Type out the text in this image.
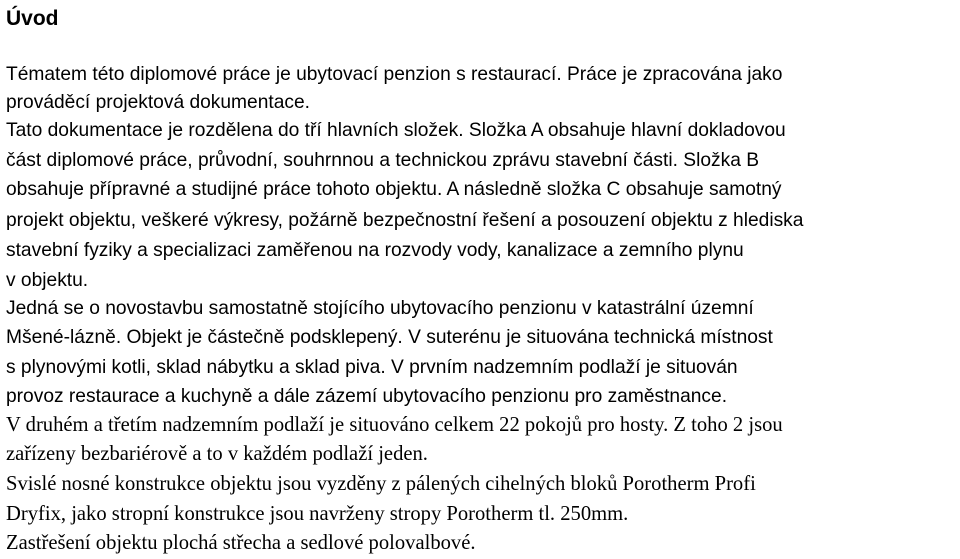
Úvod

Tématem této diplomové práce je ubytovací penzion s restaurací. Práce je zpracována jako

prováděcí projektová dokumentace.

Tato dokumentace je rozdělena do tří hlavních složek. Složka A obsahuje hlavní dokladovou

část diplomové práce, průvodní, souhrnnou a technickou zprávu stavební části. Složka B

obsahuje přípravné a studijné práce tohoto objektu. A následně složka C obsahuje samotný

projekt objektu, veškeré výkresy, požárně bezpečnostní řešení a posouzení objektu z hlediska

stavební fyziky a specializaci zaměřenou na rozvody vody, kanalizace a zemního plynu

v objektu.

Jedná se o novostavbu samostatně stojícího ubytovacího penzionu v katastrální územní

Mšené-lázně. Objekt je částečně podsklepený. V suterénu je situována technická místnost

s plynovými kotli, sklad nábytku a sklad piva. V prvním nadzemním podlaží je situován

provoz restaurace a kuchyně a dále zázemí ubytovacího penzionu pro zaměstnance.

V druhém a třetím nadzemním podlaží je situováno celkem 22 pokojů pro hosty. Z toho 2 jsou

zařízeny bezbariérově a to v každém podlaží jeden.

Svislé nosné konstrukce objektu jsou vyzděny z pálených cihelných bloků Porotherm Profi

Dryfix, jako stropní konstrukce jsou navrženy stropy Porotherm tl. 250mm.

Zastřešení objektu plochá střecha a sedlové polovalbové.
